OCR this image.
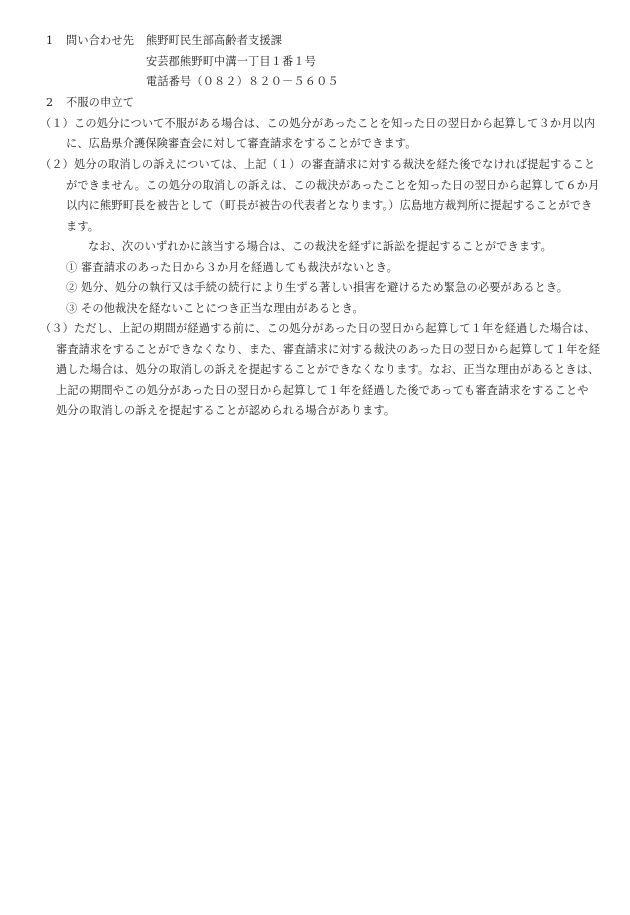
1 問い合わせ先 熊野町民生部高齢者支援課
安芸郡熊野町中溝一丁目１番１号
電話番号（０８２）８２０－５６０５
2 不服の申立て
（１）この処分について不服がある場合は、この処分があったことを知った日の翌日から起算して３か月以内
に、広島県介護保険審査会に対して審査請求をすることができます。
（２）処分の取消しの訴えについては、上記（１）の審査請求に対する裁決を経た後でなければ提起すること
ができません。この処分の取消しの訴えは、この裁決があったことを知った日の翌日から起算して６か月
以内に熊野町長を被告として（町長が被告の代表者となります。）広島地方裁判所に提起することができ
ます。
なお、次のいずれかに該当する場合は、この裁決を経ずに訴訟を提起することができます。
① 審査請求のあった日から３か月を経過しても裁決がないとき。
② 処分、処分の執行又は手続の続行により生ずる著しい損害を避けるため緊急の必要があるとき。
③ その他裁決を経ないことにつき正当な理由があるとき。
（３）ただし、上記の期間が経過する前に、この処分があった日の翌日から起算して１年を経過した場合は、
審査請求をすることができなくなり、また、審査請求に対する裁決のあった日の翌日から起算して１年を経
過した場合は、処分の取消しの訴えを提起することができなくなります。なお、正当な理由があるときは、
上記の期間やこの処分があった日の翌日から起算して１年を経過した後であっても審査請求をすることや
処分の取消しの訴えを提起することが認められる場合があります。
